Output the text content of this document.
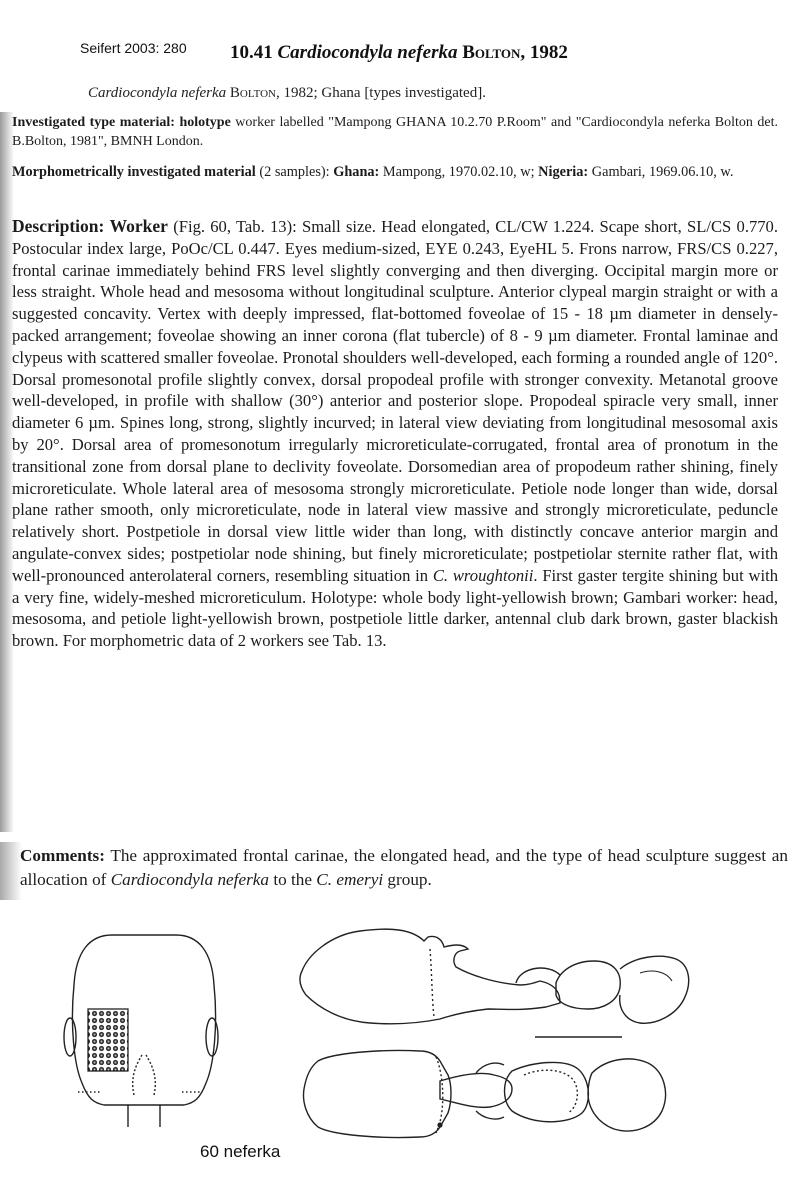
Seifert 2003: 280 10.41 Cardiocondyla neferka Bolton, 1982
Cardiocondyla neferka Bolton, 1982; Ghana [types investigated].
Investigated type material: holotype worker labelled "Mampong GHANA 10.2.70 P.Room" and "Cardiocondyla neferka Bolton det. B.Bolton, 1981", BMNH London.
Morphometrically investigated material (2 samples): Ghana: Mampong, 1970.02.10, w; Nigeria: Gambari, 1969.06.10, w.
Description: Worker (Fig. 60, Tab. 13): Small size. Head elongated, CL/CW 1.224. Scape short, SL/CS 0.770. Postocular index large, PoOc/CL 0.447. Eyes medium-sized, EYE 0.243, EyeHL 5. Frons narrow, FRS/CS 0.227, frontal carinae immediately behind FRS level slightly converging and then diverging. Occipital margin more or less straight. Whole head and mesosoma without longitudinal sculpture. Anterior clypeal margin straight or with a suggested concavity. Vertex with deeply impressed, flat-bottomed foveolae of 15 - 18 µm diameter in densely-packed arrangement; foveolae showing an inner corona (flat tubercle) of 8 - 9 µm diameter. Frontal laminae and clypeus with scattered smaller foveolae. Pronotal shoulders well-developed, each forming a rounded angle of 120°. Dorsal promesonotal profile slightly convex, dorsal propodeal profile with stronger convexity. Metanotal groove well-developed, in profile with shallow (30°) anterior and posterior slope. Propodeal spiracle very small, inner diameter 6 µm. Spines long, strong, slightly incurved; in lateral view deviating from longitudinal mesosomal axis by 20°. Dorsal area of promesonotum irregularly microreticulate-corrugated, frontal area of pronotum in the transitional zone from dorsal plane to declivity foveolate. Dorsomedian area of propodeum rather shining, finely microreticulate. Whole lateral area of mesosoma strongly microreticulate. Petiole node longer than wide, dorsal plane rather smooth, only microreticulate, node in lateral view massive and strongly microreticulate, peduncle relatively short. Postpetiole in dorsal view little wider than long, with distinctly concave anterior margin and angulate-convex sides; postpetiolar node shining, but finely microreticulate; postpetiolar sternite rather flat, with well-pronounced anterolateral corners, resembling situation in C. wroughtonii. First gaster tergite shining but with a very fine, widely-meshed microreticulum. Holotype: whole body light-yellowish brown; Gambari worker: head, mesosoma, and petiole light-yellowish brown, postpetiole little darker, antennal club dark brown, gaster blackish brown. For morphometric data of 2 workers see Tab. 13.
Comments: The approximated frontal carinae, the elongated head, and the type of head sculpture suggest an allocation of Cardiocondyla neferka to the C. emeryi group.
60 neferka
